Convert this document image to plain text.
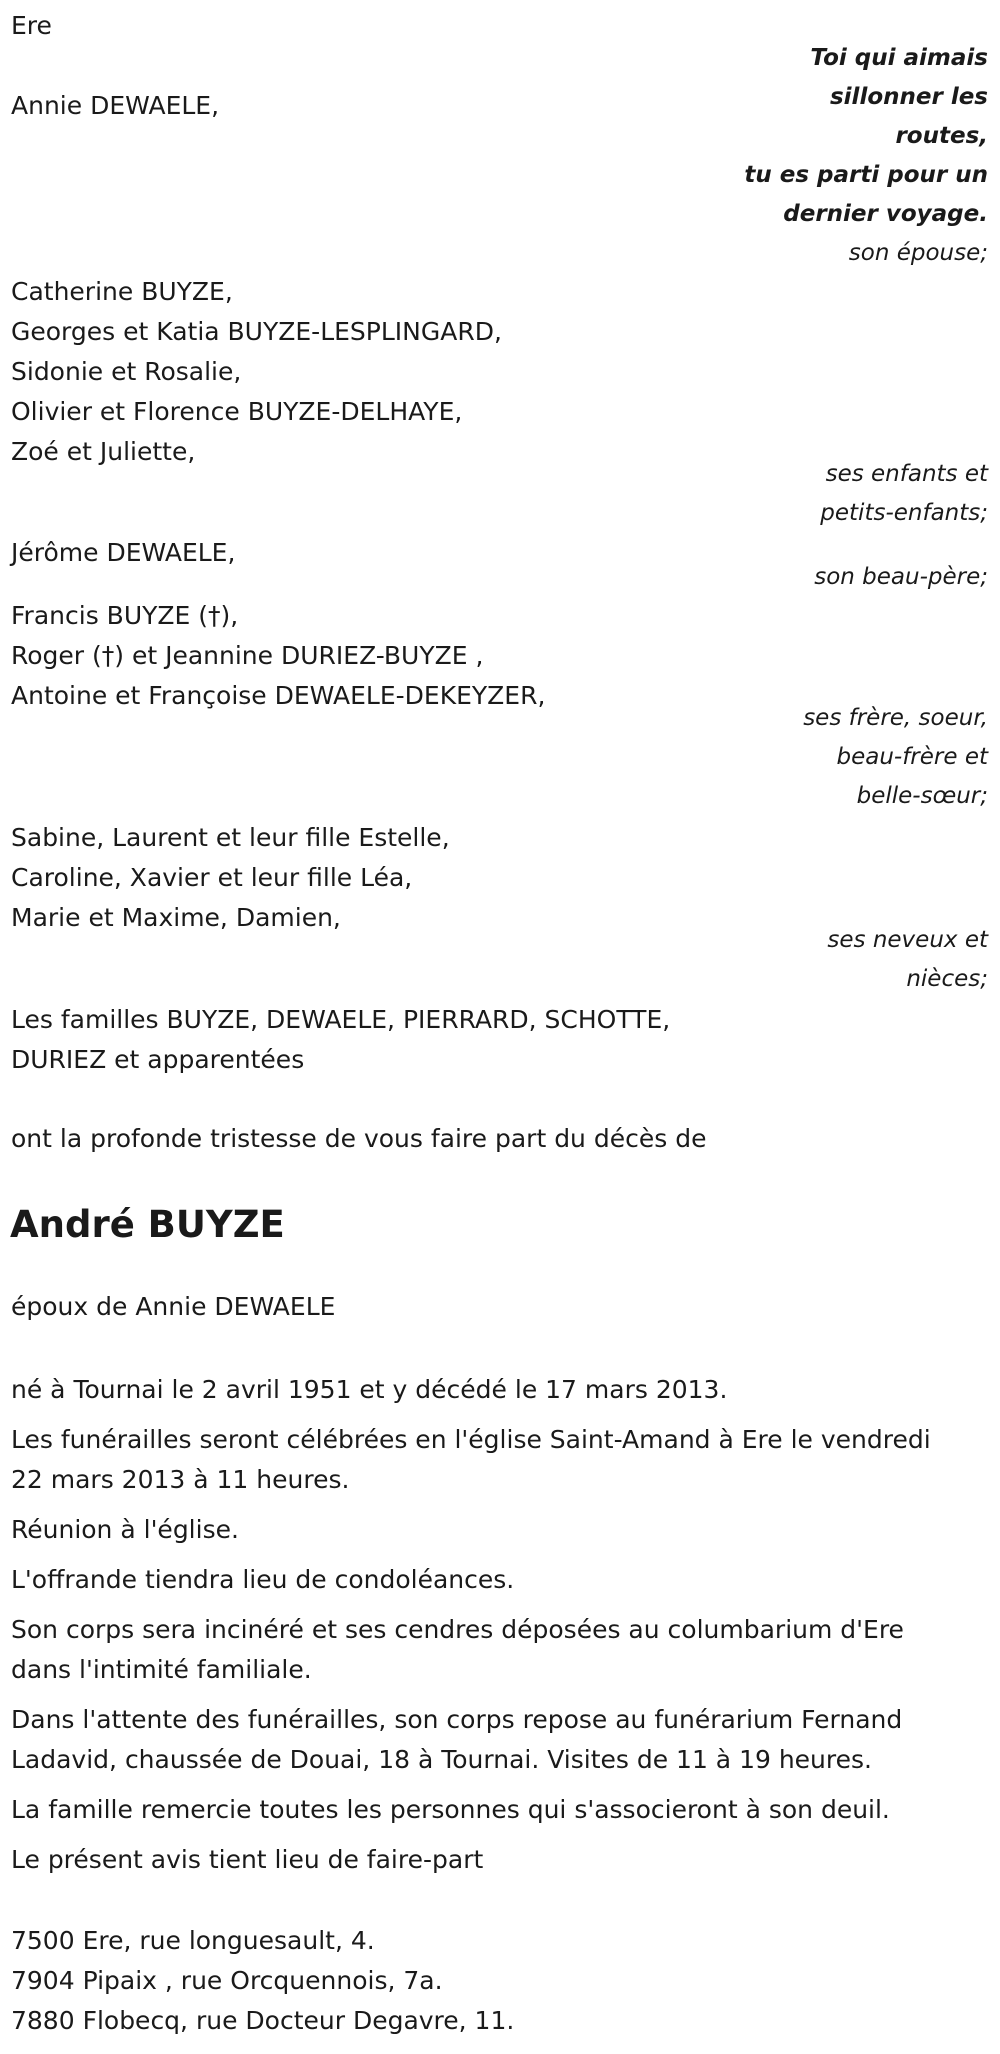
Ere

Annie DEWAELE,

Toi qui aimais

sillonner les

routes,

tu es parti pour un

dernier voyage.

son épouse;

Catherine BUYZE,

Georges et Katia BUYZE-LESPLINGARD,

Sidonie et Rosalie,

Olivier et Florence BUYZE-DELHAYE,

Zoé et Juliette,

ses enfants et

petits-enfants;

Jérôme DEWAELE,

son beau-père;

Francis BUYZE (†),

Roger (†) et Jeannine DURIEZ-BUYZE ,

Antoine et Françoise DEWAELE-DEKEYZER,

ses frère, soeur,

beau-frère et

belle-sœur;

Sabine, Laurent et leur fille Estelle,

Caroline, Xavier et leur fille Léa,

Marie et Maxime, Damien,

ses neveux et

nièces;

Les familles BUYZE, DEWAELE, PIERRARD, SCHOTTE,

DURIEZ et apparentées

ont la profonde tristesse de vous faire part du décès de

André BUYZE

époux de Annie DEWAELE

né à Tournai le 2 avril 1951 et y décédé le 17 mars 2013.

Les funérailles seront célébrées en l'église Saint-Amand à Ere le vendredi

22 mars 2013 à 11 heures.

Réunion à l'église.

L'offrande tiendra lieu de condoléances.

Son corps sera incinéré et ses cendres déposées au columbarium d'Ere

dans l'intimité familiale.

Dans l'attente des funérailles, son corps repose au funérarium Fernand

Ladavid, chaussée de Douai, 18 à Tournai. Visites de 11 à 19 heures.

La famille remercie toutes les personnes qui s'associeront à son deuil.

Le présent avis tient lieu de faire-part

7500 Ere, rue longuesault, 4.

7904 Pipaix , rue Orcquennois, 7a.

7880 Flobecq, rue Docteur Degavre, 11.
